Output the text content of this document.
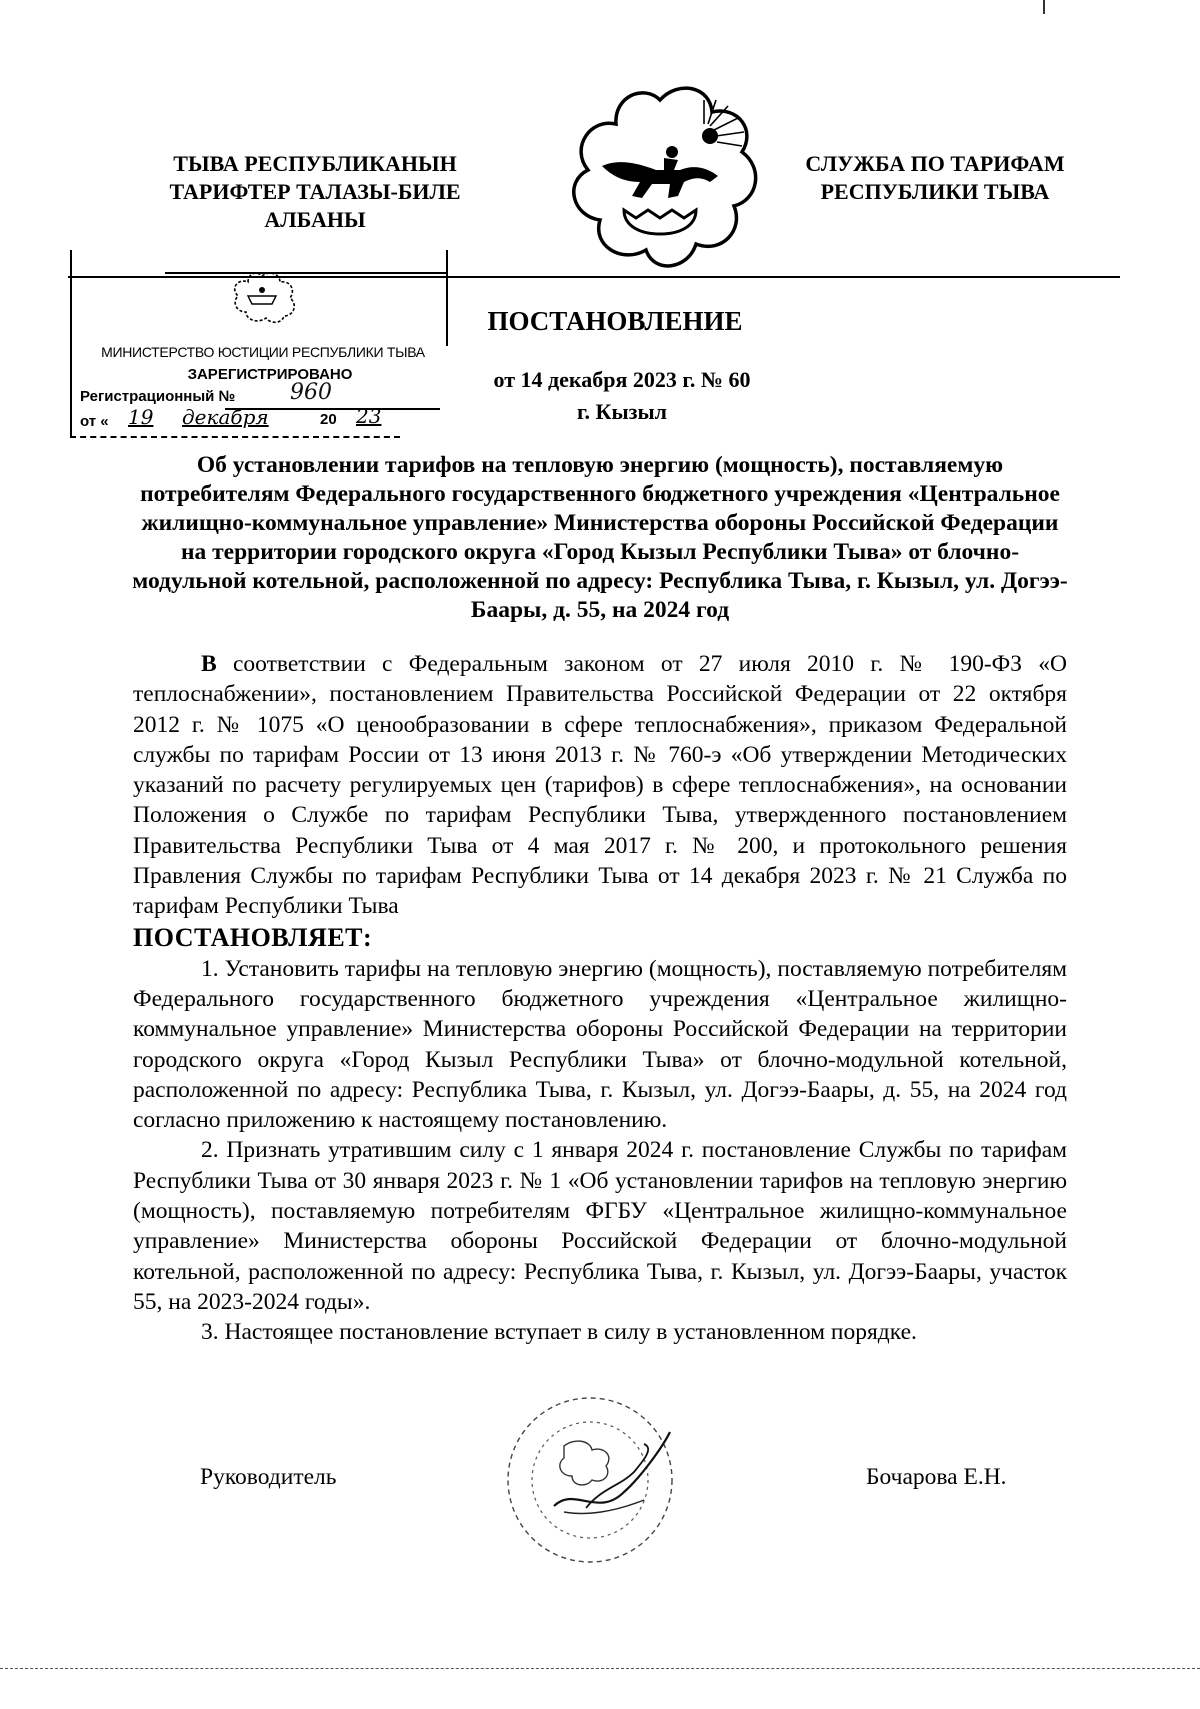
ТЫВА РЕСПУБЛИКАНЫН
ТАРИФТЕР ТАЛАЗЫ-БИЛЕ
АЛБАНЫ
СЛУЖБА ПО ТАРИФАМ
РЕСПУБЛИКИ ТЫВА
МИНИСТЕРСТВО ЮСТИЦИИ РЕСПУБЛИКИ ТЫВА
ЗАРЕГИСТРИРОВАНО
Регистрационный № 960
от « 19 декабря	20 23
ПОСТАНОВЛЕНИЕ
от 14 декабря 2023 г. № 60
г. Кызыл
Об установлении тарифов на тепловую энергию (мощность), поставляемую потребителям Федерального государственного бюджетного учреждения «Центральное жилищно-коммунальное управление» Министерства обороны Российской Федерации на территории городского округа «Город Кызыл Республики Тыва» от блочно-модульной котельной, расположенной по адресу: Республика Тыва, г. Кызыл, ул. Догээ-Баары, д. 55, на 2024 год

В соответствии с Федеральным законом от 27 июля 2010 г. № 190-ФЗ «О теплоснабжении», постановлением Правительства Российской Федерации от 22 октября 2012 г. № 1075 «О ценообразовании в сфере теплоснабжения», приказом Федеральной службы по тарифам России от 13 июня 2013 г. № 760-э «Об утверждении Методических указаний по расчету регулируемых цен (тарифов) в сфере теплоснабжения», на основании Положения о Службе по тарифам Республики Тыва, утвержденного постановлением Правительства Республики Тыва от 4 мая 2017 г. № 200, и протокольного решения Правления Службы по тарифам Республики Тыва от 14 декабря 2023 г. № 21 Служба по тарифам Республики Тыва

ПОСТАНОВЛЯЕТ:

1. Установить тарифы на тепловую энергию (мощность), поставляемую потребителям Федерального государственного бюджетного учреждения «Центральное жилищно-коммунальное управление» Министерства обороны Российской Федерации на территории городского округа «Город Кызыл Республики Тыва» от блочно-модульной котельной, расположенной по адресу: Республика Тыва, г. Кызыл, ул. Догээ-Баары, д. 55, на 2024 год согласно приложению к настоящему постановлению.

2. Признать утратившим силу с 1 января 2024 г. постановление Службы по тарифам Республики Тыва от 30 января 2023 г. № 1 «Об установлении тарифов на тепловую энергию (мощность), поставляемую потребителям ФГБУ «Центральное жилищно-коммунальное управление» Министерства обороны Российской Федерации от блочно-модульной котельной, расположенной по адресу: Республика Тыва, г. Кызыл, ул. Догээ-Баары, участок 55, на 2023-2024 годы».

3. Настоящее постановление вступает в силу в установленном порядке.

Руководитель	Бочарова Е.Н.
